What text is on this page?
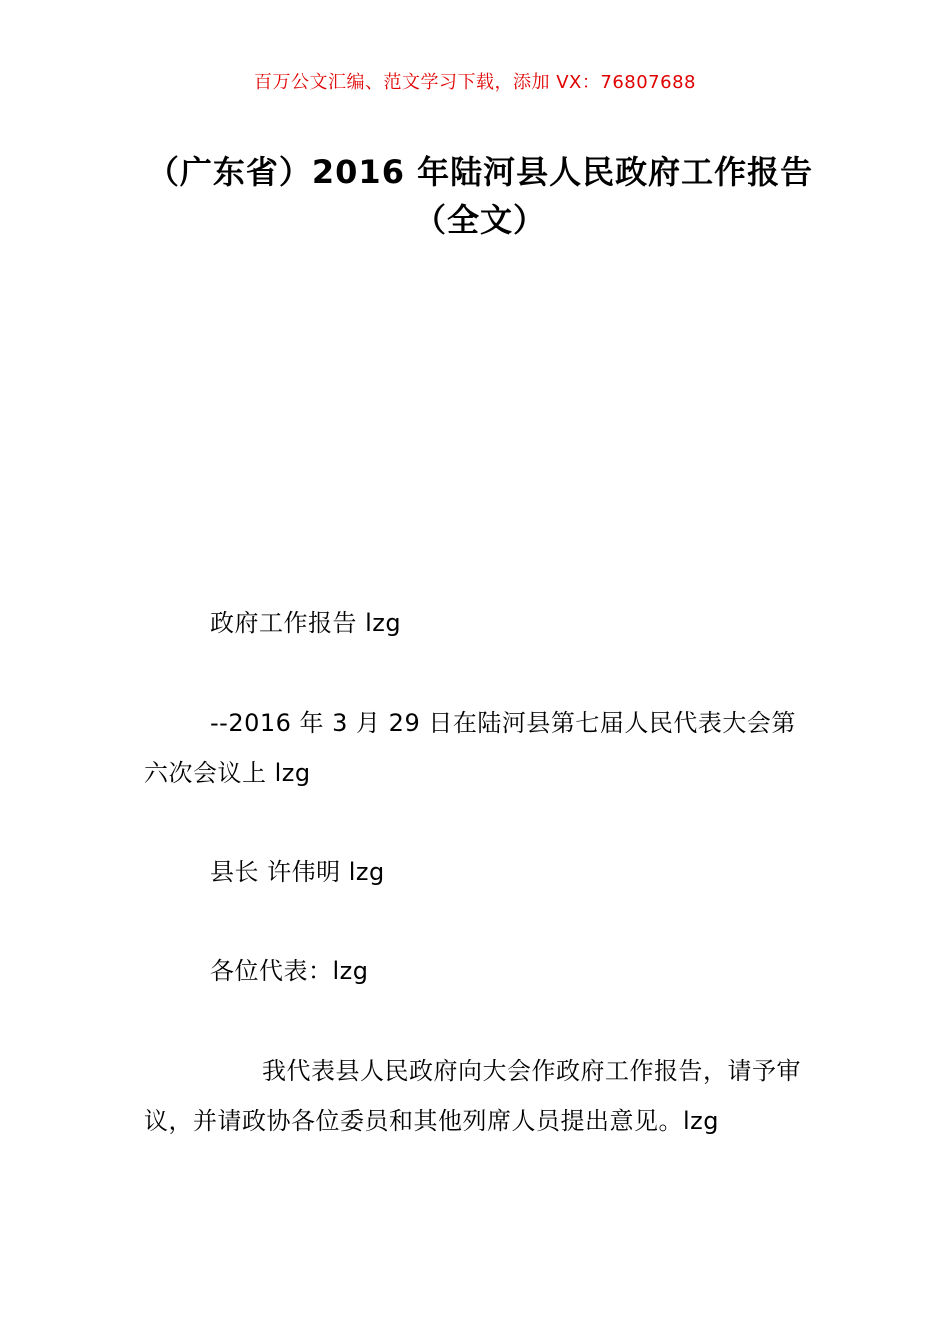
百万公文汇编、范文学习下载，添加 VX：76807688
（广东省）2016 年陆河县人民政府工作报告（全文）
政府工作报告 lzg
--2016 年 3 月 29 日在陆河县第七届人民代表大会第六次会议上 lzg
县长 许伟明 lzg
各位代表：lzg
我代表县人民政府向大会作政府工作报告，请予审议，并请政协各位委员和其他列席人员提出意见。lzg
